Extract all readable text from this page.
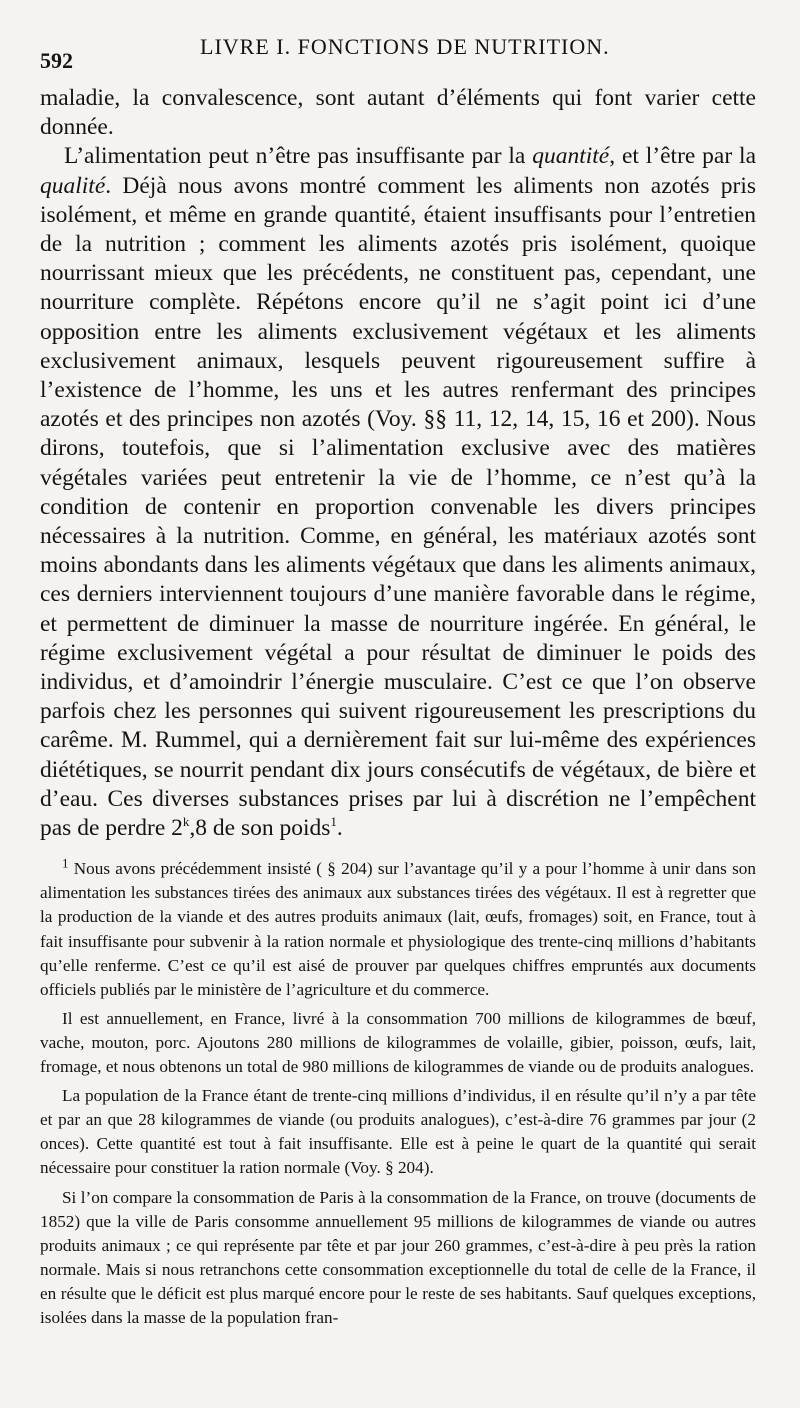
592
LIVRE I. FONCTIONS DE NUTRITION.

maladie, la convalescence, sont autant d’éléments qui font varier cette donnée.

L’alimentation peut n’être pas insuffisante par la quantité, et l’être par la qualité. Déjà nous avons montré comment les aliments non azotés pris isolément, et même en grande quantité, étaient insuffisants pour l’entretien de la nutrition ; comment les aliments azotés pris isolément, quoique nourrissant mieux que les précédents, ne constituent pas, cependant, une nourriture complète. Répétons encore qu’il ne s’agit point ici d’une opposition entre les aliments exclusivement végétaux et les aliments exclusivement animaux, lesquels peuvent rigoureusement suffire à l’existence de l’homme, les uns et les autres renfermant des principes azotés et des principes non azotés (Voy. §§ 11, 12, 14, 15, 16 et 200). Nous dirons, toutefois, que si l’alimentation exclusive avec des matières végétales variées peut entretenir la vie de l’homme, ce n’est qu’à la condition de contenir en proportion convenable les divers principes nécessaires à la nutrition. Comme, en général, les matériaux azotés sont moins abondants dans les aliments végétaux que dans les aliments animaux, ces derniers interviennent toujours d’une manière favorable dans le régime, et permettent de diminuer la masse de nourriture ingérée. En général, le régime exclusivement végétal a pour résultat de diminuer le poids des individus, et d’amoindrir l’énergie musculaire. C’est ce que l’on observe parfois chez les personnes qui suivent rigoureusement les prescriptions du carême. M. Rummel, qui a dernièrement fait sur lui-même des expériences diététiques, se nourrit pendant dix jours consécutifs de végétaux, de bière et d’eau. Ces diverses substances prises par lui à discrétion ne l’empêchent pas de perdre 2$^k$,8 de son poids$^1$.

$^1$ Nous avons précédemment insisté ( § 204) sur l’avantage qu’il y a pour l’homme à unir dans son alimentation les substances tirées des animaux aux substances tirées des végétaux. Il est à regretter que la production de la viande et des autres produits animaux (lait, œufs, fromages) soit, en France, tout à fait insuffisante pour subvenir à la ration normale et physiologique des trente-cinq millions d’habitants qu’elle renferme. C’est ce qu’il est aisé de prouver par quelques chiffres empruntés aux documents officiels publiés par le ministère de l’agriculture et du commerce.

Il est annuellement, en France, livré à la consommation 700 millions de kilogrammes de bœuf, vache, mouton, porc. Ajoutons 280 millions de kilogrammes de volaille, gibier, poisson, œufs, lait, fromage, et nous obtenons un total de 980 millions de kilogrammes de viande ou de produits analogues.

La population de la France étant de trente-cinq millions d’individus, il en résulte qu’il n’y a par tête et par an que 28 kilogrammes de viande (ou produits analogues), c’est-à-dire 76 grammes par jour (2 onces). Cette quantité est tout à fait insuffisante. Elle est à peine le quart de la quantité qui serait nécessaire pour constituer la ration normale (Voy. § 204).

Si l’on compare la consommation de Paris à la consommation de la France, on trouve (documents de 1852) que la ville de Paris consomme annuellement 95 millions de kilogrammes de viande ou autres produits animaux ; ce qui représente par tête et par jour 260 grammes, c’est-à-dire à peu près la ration normale. Mais si nous retranchons cette consommation exceptionnelle du total de celle de la France, il en résulte que le déficit est plus marqué encore pour le reste de ses habitants. Sauf quelques exceptions, isolées dans la masse de la population fran-
